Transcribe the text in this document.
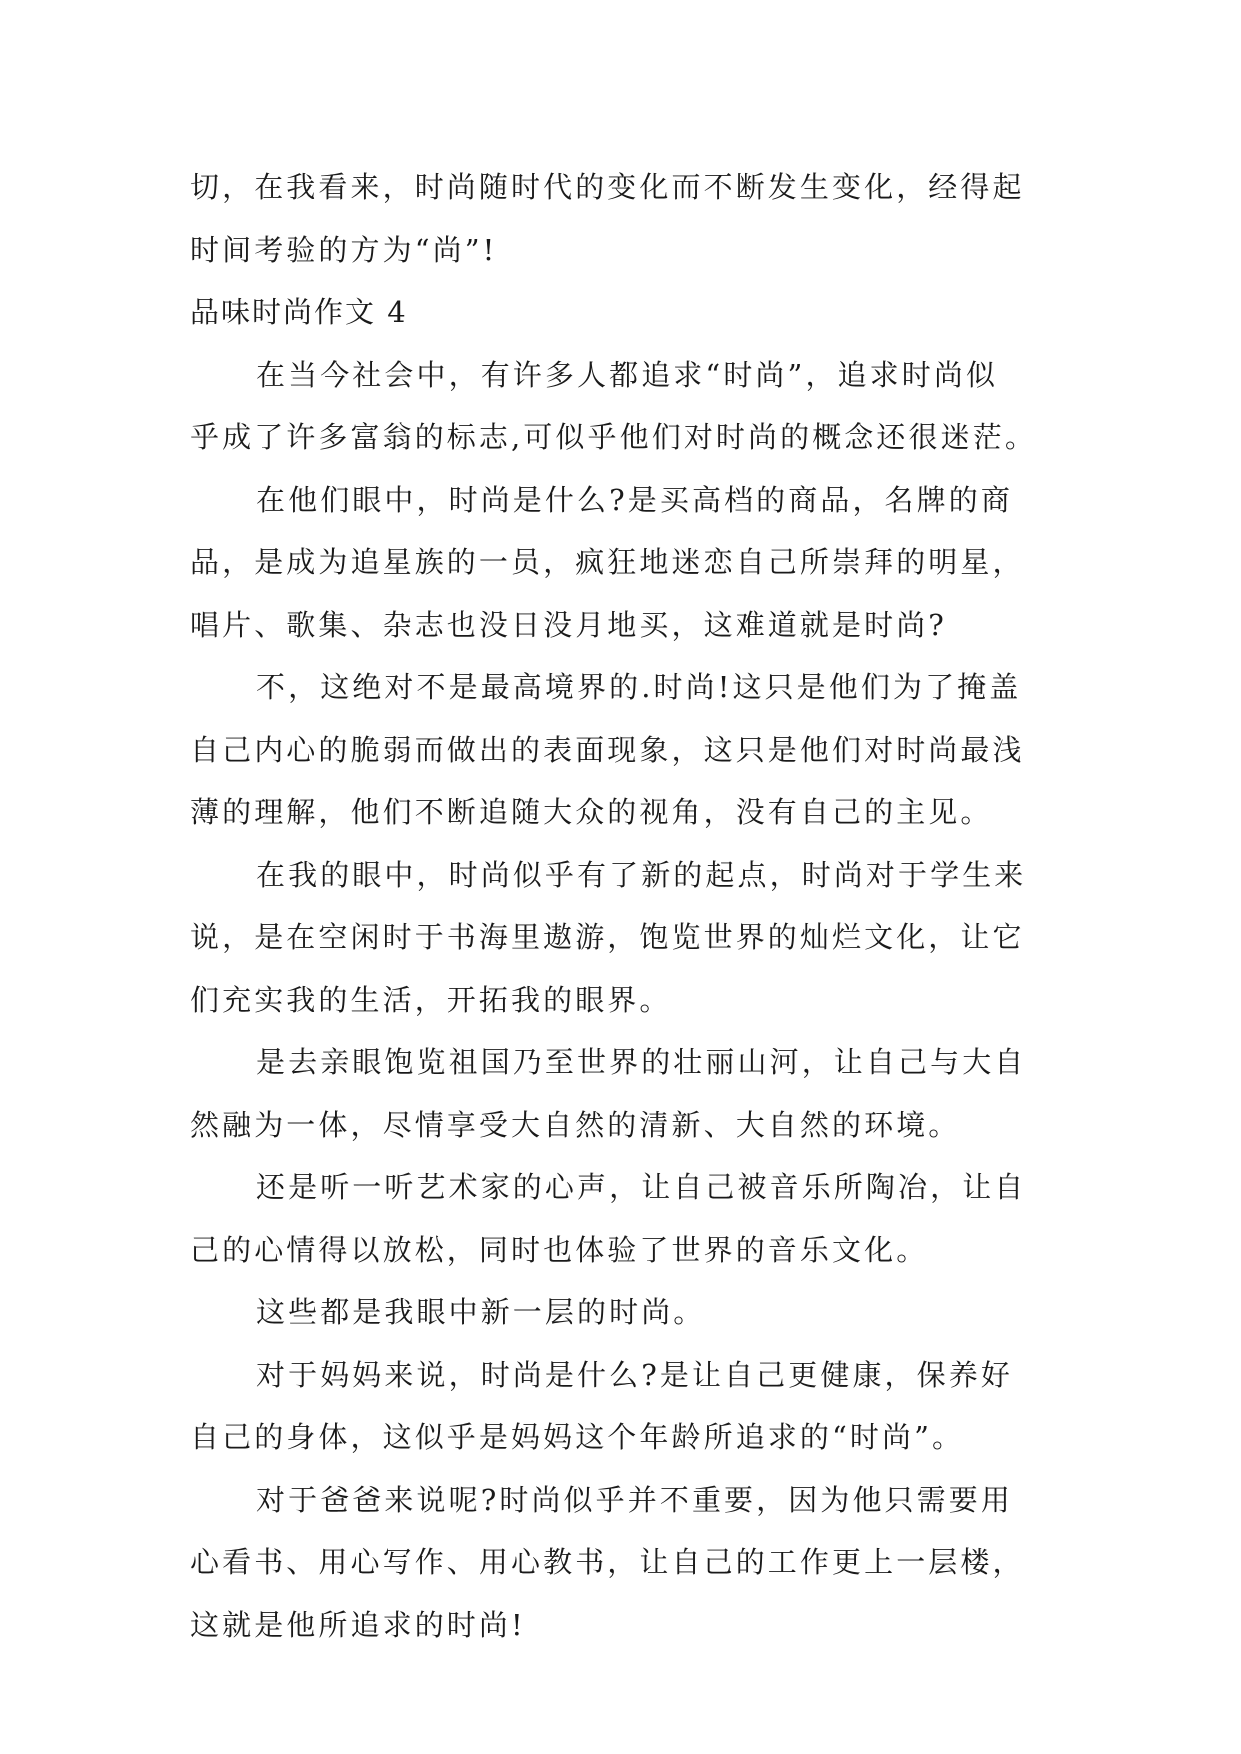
切，在我看来，时尚随时代的变化而不断发生变化，经得起
时间考验的方为“尚”!
品味时尚作文 4
在当今社会中，有许多人都追求“时尚”，追求时尚似
乎成了许多富翁的标志,可似乎他们对时尚的概念还很迷茫。
在他们眼中，时尚是什么?是买高档的商品，名牌的商
品，是成为追星族的一员，疯狂地迷恋自己所崇拜的明星，
唱片、歌集、杂志也没日没月地买，这难道就是时尚?
不，这绝对不是最高境界的.时尚!这只是他们为了掩盖
自己内心的脆弱而做出的表面现象，这只是他们对时尚最浅
薄的理解，他们不断追随大众的视角，没有自己的主见。
在我的眼中，时尚似乎有了新的起点，时尚对于学生来
说，是在空闲时于书海里遨游，饱览世界的灿烂文化，让它
们充实我的生活，开拓我的眼界。
是去亲眼饱览祖国乃至世界的壮丽山河，让自己与大自
然融为一体，尽情享受大自然的清新、大自然的环境。
还是听一听艺术家的心声，让自己被音乐所陶冶，让自
己的心情得以放松，同时也体验了世界的音乐文化。
这些都是我眼中新一层的时尚。
对于妈妈来说，时尚是什么?是让自己更健康，保养好
自己的身体，这似乎是妈妈这个年龄所追求的“时尚”。
对于爸爸来说呢?时尚似乎并不重要，因为他只需要用
心看书、用心写作、用心教书，让自己的工作更上一层楼，
这就是他所追求的时尚!
